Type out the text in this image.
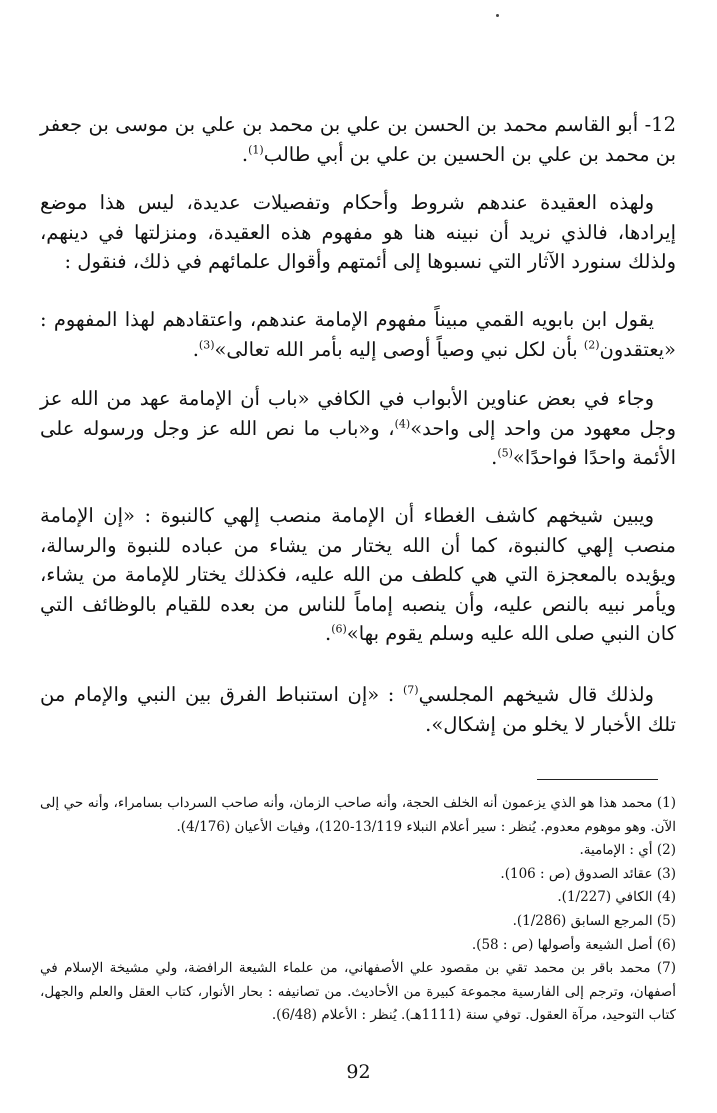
12- أبو القاسم محمد بن الحسن بن علي بن محمد بن علي بن موسى بن جعفر بن محمد بن علي بن الحسين بن علي بن أبي طالب$^{(1)}$.

ولهذه العقيدة عندهم شروط وأحكام وتفصيلات عديدة، ليس هذا موضع إيرادها، فالذي نريد أن نبينه هنا هو مفهوم هذه العقيدة، ومنزلتها في دينهم، ولذلك سنورد الآثار التي نسبوها إلى أئمتهم وأقوال علمائهم في ذلك، فنقول :

يقول ابن بابويه القمي مبيناً مفهوم الإمامة عندهم، واعتقادهم لهذا المفهوم : «يعتقدون$^{(2)}$ بأن لكل نبي وصياً أوصى إليه بأمر الله تعالى»$^{(3)}$.

وجاء في بعض عناوين الأبواب في الكافي «باب أن الإمامة عهد من الله عز وجل معهود من واحد إلى واحد»$^{(4)}$، و«باب ما نص الله عز وجل ورسوله على الأئمة واحدًا فواحدًا»$^{(5)}$.

ويبين شيخهم كاشف الغطاء أن الإمامة منصب إلهي كالنبوة : «إن الإمامة منصب إلهي كالنبوة، كما أن الله يختار من يشاء من عباده للنبوة والرسالة، ويؤيده بالمعجزة التي هي كلطف من الله عليه، فكذلك يختار للإمامة من يشاء، ويأمر نبيه بالنص عليه، وأن ينصبه إماماً للناس من بعده للقيام بالوظائف التي كان النبي صلى الله عليه وسلم يقوم بها»$^{(6)}$.

ولذلك قال شيخهم المجلسي$^{(7)}$ : «إن استنباط الفرق بين النبي والإمام من تلك الأخبار لا يخلو من إشكال».

(1) محمد هذا هو الذي يزعمون أنه الخلف الحجة، وأنه صاحب الزمان، وأنه صاحب السرداب بسامراء، وأنه حي إلى الآن. وهو موهوم معدوم. يُنظر : سير أعلام النبلاء 13/119-120)، وفيات الأعيان (4/176).

(2) أي : الإمامية.

(3) عقائد الصدوق (ص : 106).

(4) الكافي (1/227).

(5) المرجع السابق (1/286).

(6) أصل الشيعة وأصولها (ص : 58).

(7) محمد باقر بن محمد تقي بن مقصود علي الأصفهاني، من علماء الشيعة الرافضة، ولي مشيخة الإسلام في أصفهان، وترجم إلى الفارسية مجموعة كبيرة من الأحاديث. من تصانيفه : بحار الأنوار، كتاب العقل والعلم والجهل، كتاب التوحيد، مرآة العقول. توفي سنة (1111هـ). يُنظر : الأعلام (6/48).

92
